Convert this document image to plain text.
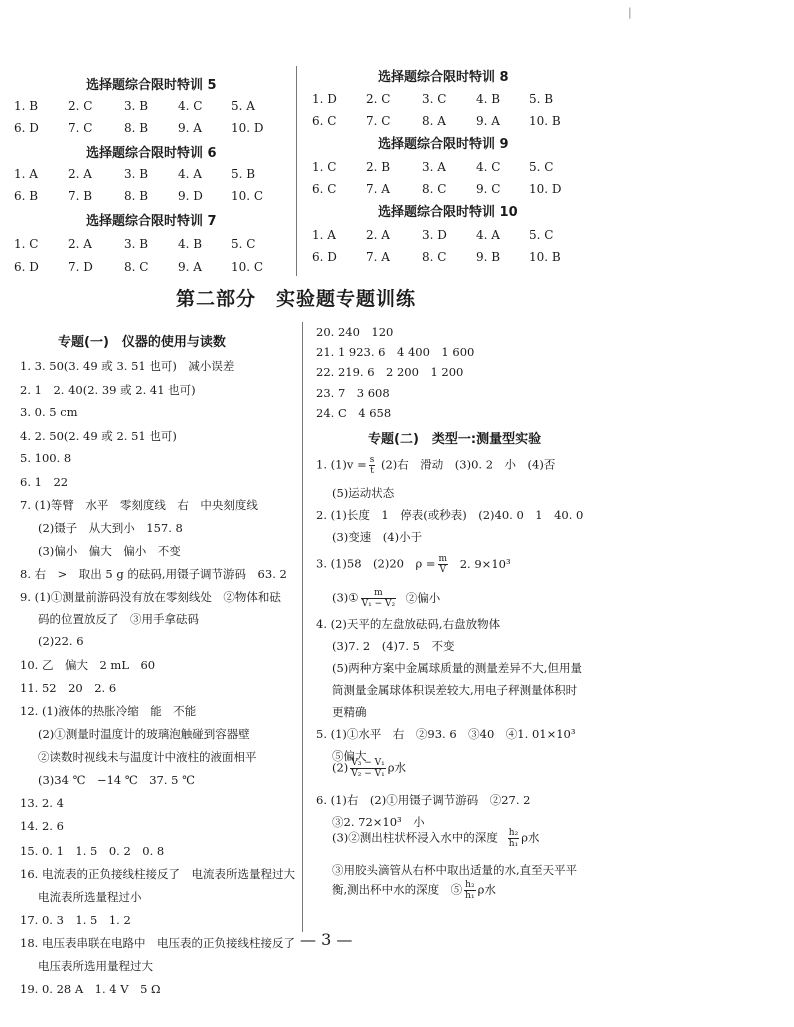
|
选择题综合限时特训 5
1. B 2. C	3. B 4. C 5. A
6. D 7. C	8. B 9. A 10. D
选择题综合限时特训 6
1. A	2. A	3. B 4. A 5. B
6. B 7. B	8. B 9. D 10. C
选择题综合限时特训 7
1. C 2. A	3. B 4. B 5. C
6. D 7. D	8. C 9. A 10. C
选择题综合限时特训 8
1. D 2. C	3. C 4. B 5. B
6. C 7. C	8. A	9. A 10. B
选择题综合限时特训 9
1. C 2. B	3. A	4. C 5. C
6. C 7. A	8. C 9. C 10. D
选择题综合限时特训 10
1. A	2. A	3. D 4. A 5. C
6. D 7. A	8. C 9. B 10. B
第二部分　实验题专题训练
专题(一)　仪器的使用与读数
1. 3. 50(3. 49 或 3. 51 也可)　减小误差
2. 1　2. 40(2. 39 或 2. 41 也可)
3. 0. 5 cm
4. 2. 50(2. 49 或 2. 51 也可)
5. 100. 8
6. 1　22
7. (1)等臂　水平　零刻度线　右　中央刻度线
(2)镊子　从大到小　157. 8
(3)偏小　偏大　偏小　不变
8. 右　>　取出 5 g 的砝码,用镊子调节游码　63. 2
9. (1)①测量前游码没有放在零刻线处　②物体和砝
码的位置放反了　③用手拿砝码
(2)22. 6
10. 乙　偏大　2 mL　60
11. 52　20　2. 6
12. (1)液体的热胀冷缩　能　不能
(2)①测量时温度计的玻璃泡触碰到容器壁
②读数时视线未与温度计中液柱的液面相平
(3)34 ℃　−14 ℃　37. 5 ℃
13. 2. 4
14. 2. 6
15. 0. 1　1. 5　0. 2　0. 8
16. 电流表的正负接线柱接反了　电流表所选量程过大
电流表所选量程过小
17. 0. 3　1. 5　1. 2
18. 电压表串联在电路中　电压表的正负接线柱接反了
电压表所选用量程过大
19. 0. 28 A　1. 4 V　5 Ω
20. 240　120
21. 1 923. 6　4 400　1 600
22. 219. 6　2 200　1 200
23. 7　3 608
24. C　4 658
专题(二)　类型一:测量型实验
1. $(1)v = \frac{s}{t} (2)$右　滑动　(3)0. 2　小　(4)否
(5)运动状态
2. (1)长度　1　停表(或秒表)　(2)40. 0　1　40. 0
(3)变速　(4)小于
3. (1)58　(2)20　$\rho = \frac{m}{V} 2$. 9×10³
(3)① $\frac{m}{\text{V₁ − V₂}}$ ②偏小
4. (2)天平的左盘放砝码,右盘放物体
(3)7. 2　(4)7. 5　不变
(5)两种方案中金属球质量的测量差异不大,但用量
筒测量金属球体积误差较大,用电子秤测量体积时
更精确
5. (1)①水平　右　②93. 6　③40　④1. 01×10³
⑤偏大
$(2) \frac{\text{V₃ − V₁}}{\text{V₂ − V₁}}$ ρ水
6. (1)右　(2)①用镊子调节游码　②27. 2
③2. 72×10³　小
(3)②测出柱状杯浸入水中的深度 $\frac{\text{h₂}}{\text{h₁}}$ ρ水
③用胶头滴管从右杯中取出适量的水,直至天平平
衡,测出杯中水的深度　⑤ $\frac{\text{h₂}}{\text{h₁}}$ ρ水
— 3 —
